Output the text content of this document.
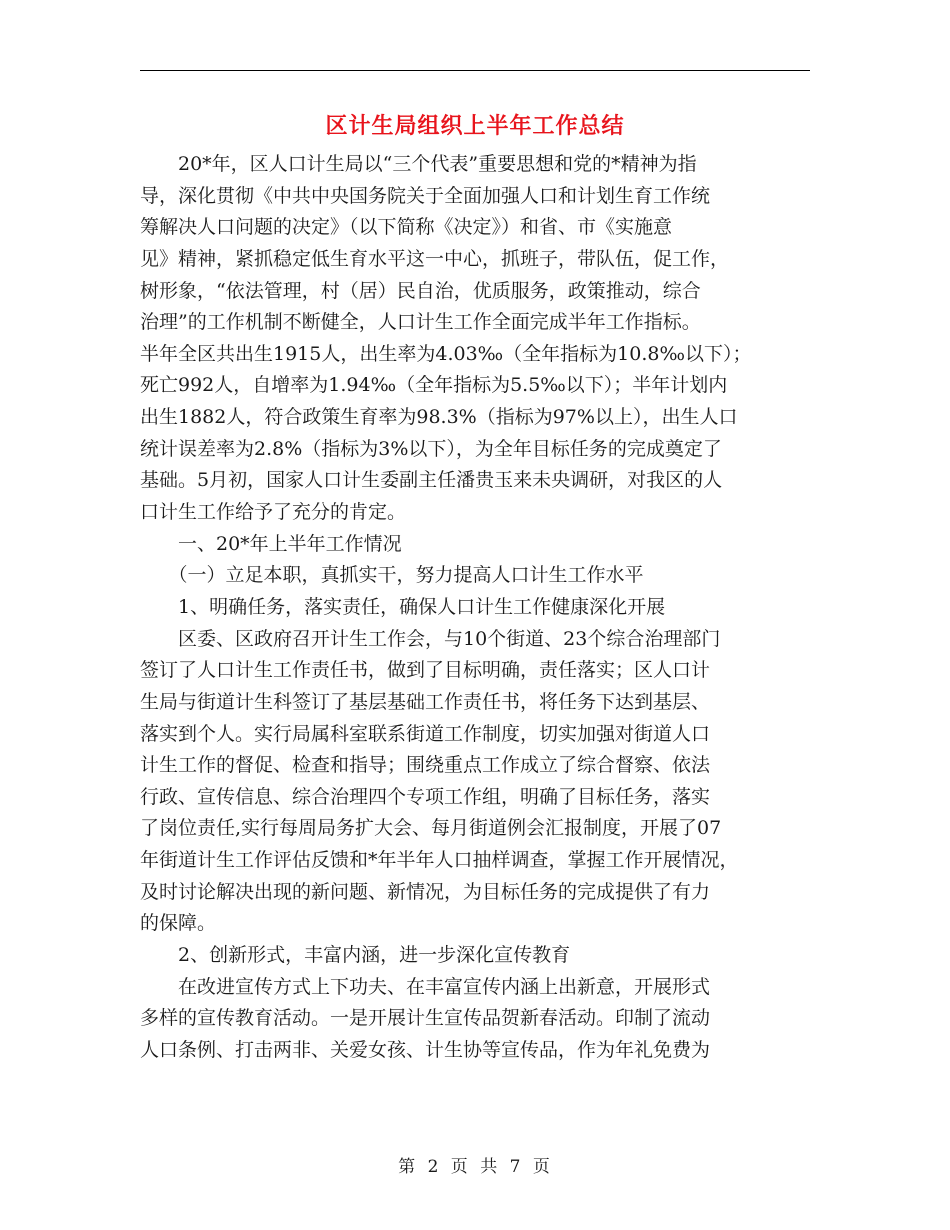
区计生局组织上半年工作总结
　　20*年，区人口计生局以“三个代表”重要思想和党的*精神为指
导，深化贯彻《中共中央国务院关于全面加强人口和计划生育工作统
筹解决人口问题的决定》（以下简称《决定》）和省、市《实施意
见》精神，紧抓稳定低生育水平这一中心，抓班子，带队伍，促工作，
树形象，“依法管理，村（居）民自治，优质服务，政策推动，综合
治理”的工作机制不断健全，人口计生工作全面完成半年工作指标。
半年全区共出生1915人，出生率为4.03‰（全年指标为10.8‰以下）；
死亡992人，自增率为1.94‰（全年指标为5.5‰以下）；半年计划内
出生1882人，符合政策生育率为98.3%（指标为97%以上），出生人口
统计误差率为2.8%（指标为3%以下），为全年目标任务的完成奠定了
基础。5月初，国家人口计生委副主任潘贵玉来未央调研，对我区的人
口计生工作给予了充分的肯定。
　　一、20*年上半年工作情况
　　（一）立足本职，真抓实干，努力提高人口计生工作水平
　　1、明确任务，落实责任，确保人口计生工作健康深化开展
　　区委、区政府召开计生工作会，与10个街道、23个综合治理部门
签订了人口计生工作责任书，做到了目标明确，责任落实；区人口计
生局与街道计生科签订了基层基础工作责任书，将任务下达到基层、
落实到个人。实行局属科室联系街道工作制度，切实加强对街道人口
计生工作的督促、检查和指导；围绕重点工作成立了综合督察、依法
行政、宣传信息、综合治理四个专项工作组，明确了目标任务，落实
了岗位责任,实行每周局务扩大会、每月街道例会汇报制度，开展了07
年街道计生工作评估反馈和*年半年人口抽样调查，掌握工作开展情况，
及时讨论解决出现的新问题、新情况，为目标任务的完成提供了有力
的保障。
　　2、创新形式，丰富内涵，进一步深化宣传教育
　　在改进宣传方式上下功夫、在丰富宣传内涵上出新意，开展形式
多样的宣传教育活动。一是开展计生宣传品贺新春活动。印制了流动
人口条例、打击两非、关爱女孩、计生协等宣传品，作为年礼免费为
第 2 页 共 7 页
